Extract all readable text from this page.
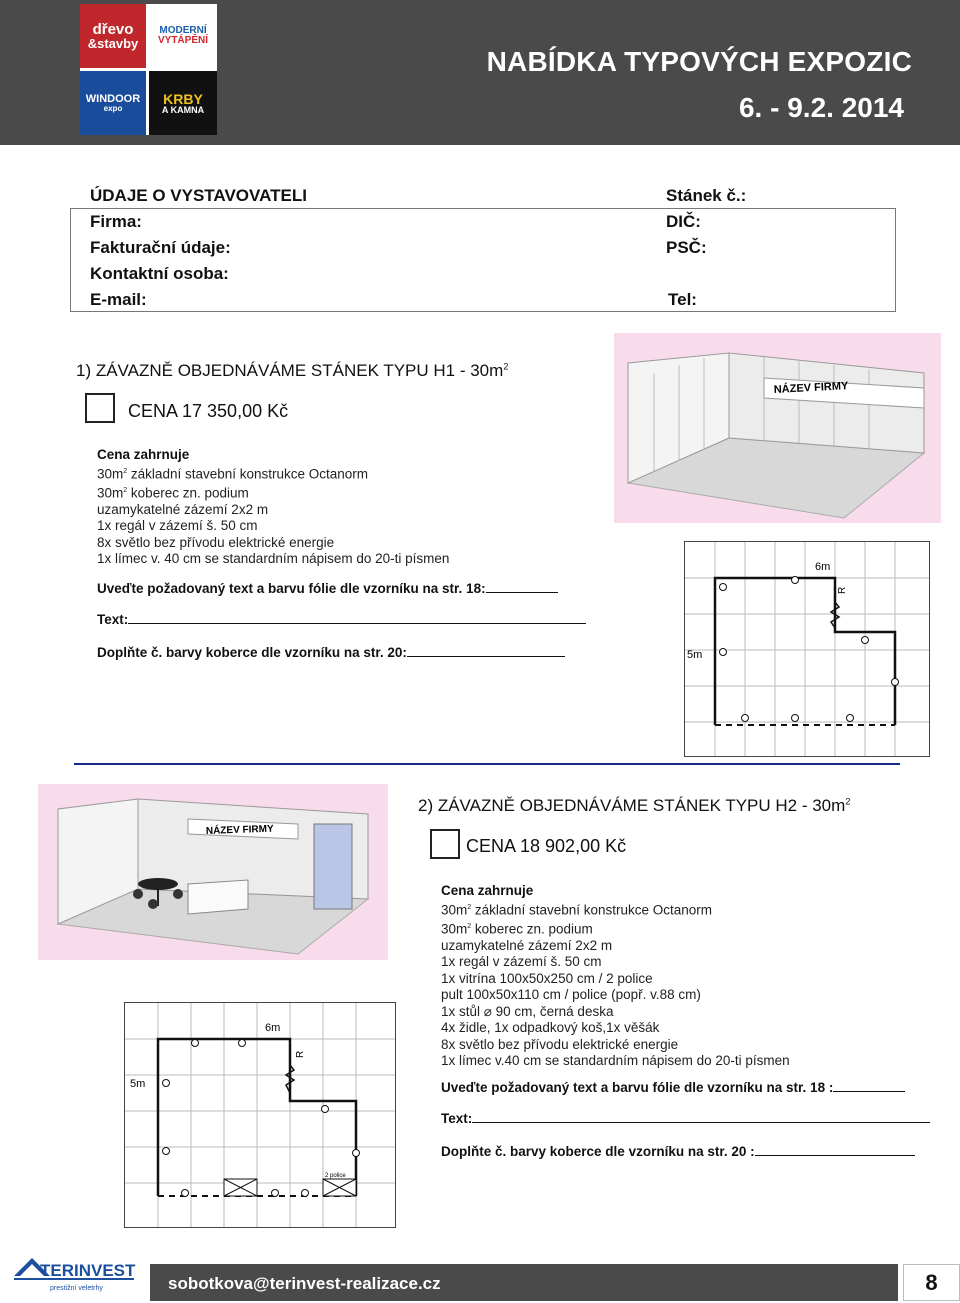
dřevo
&stavby
MODERNÍ
VYTÁPĚNÍ
WINDOOR
expo
KRBY
A KAMNA
NABÍDKA TYPOVÝCH EXPOZIC
6. - 9.2. 2014
ÚDAJE O VYSTAVOVATELI	Stánek č.:
Firma:	DIČ:
Fakturační údaje:	PSČ:
Kontaktní osoba:
E-mail:	Tel:
1) ZÁVAZNĚ OBJEDNÁVÁME STÁNEK TYPU $H1 - 30m^2$
CENA 17 350,00 Kč
Cena zahrnuje
$30m^2$ základní stavební konstrukce Octanorm
$30m^2$ koberec zn. podium
uzamykatelné zázemí 2x2 m
1x regál v zázemí š. 50 cm
8x světlo bez přívodu elektrické energie
1x límec v. 40 cm se standardním nápisem do 20-ti písmen
Uveďte požadovaný text a barvu fólie dle vzorníku na str. 18:
Text:
Doplňte č. barvy koberce dle vzorníku na str. 20:
NÁZEV FIRMY
6m
5m
R
NÁZEV FIRMY
2) ZÁVAZNĚ OBJEDNÁVÁME STÁNEK TYPU $H2 - 30m^2$
CENA 18 902,00 Kč
Cena zahrnuje
$30m^2$ základní stavební konstrukce Octanorm
$30m^2$ koberec zn. podium
uzamykatelné zázemí 2x2 m
1x regál v zázemí š. 50 cm
1x vitrína 100x50x250 cm / 2 police
pult 100x50x110 cm / police (popř. v.88 cm)
1x stůl ⌀ 90 cm, černá deska
4x židle, 1x odpadkový koš,1x věšák
8x světlo bez přívodu elektrické energie
1x límec v.40 cm se standardním nápisem do 20-ti písmen
Uveďte požadovaný text a barvu fólie dle vzorníku na str. 18 :
Text:
Doplňte č. barvy koberce dle vzorníku na str. 20 :
6m
5m
R
2 police
TERINVEST
prestižní veletrhy	sobotkova@terinvest-realizace.cz	8
